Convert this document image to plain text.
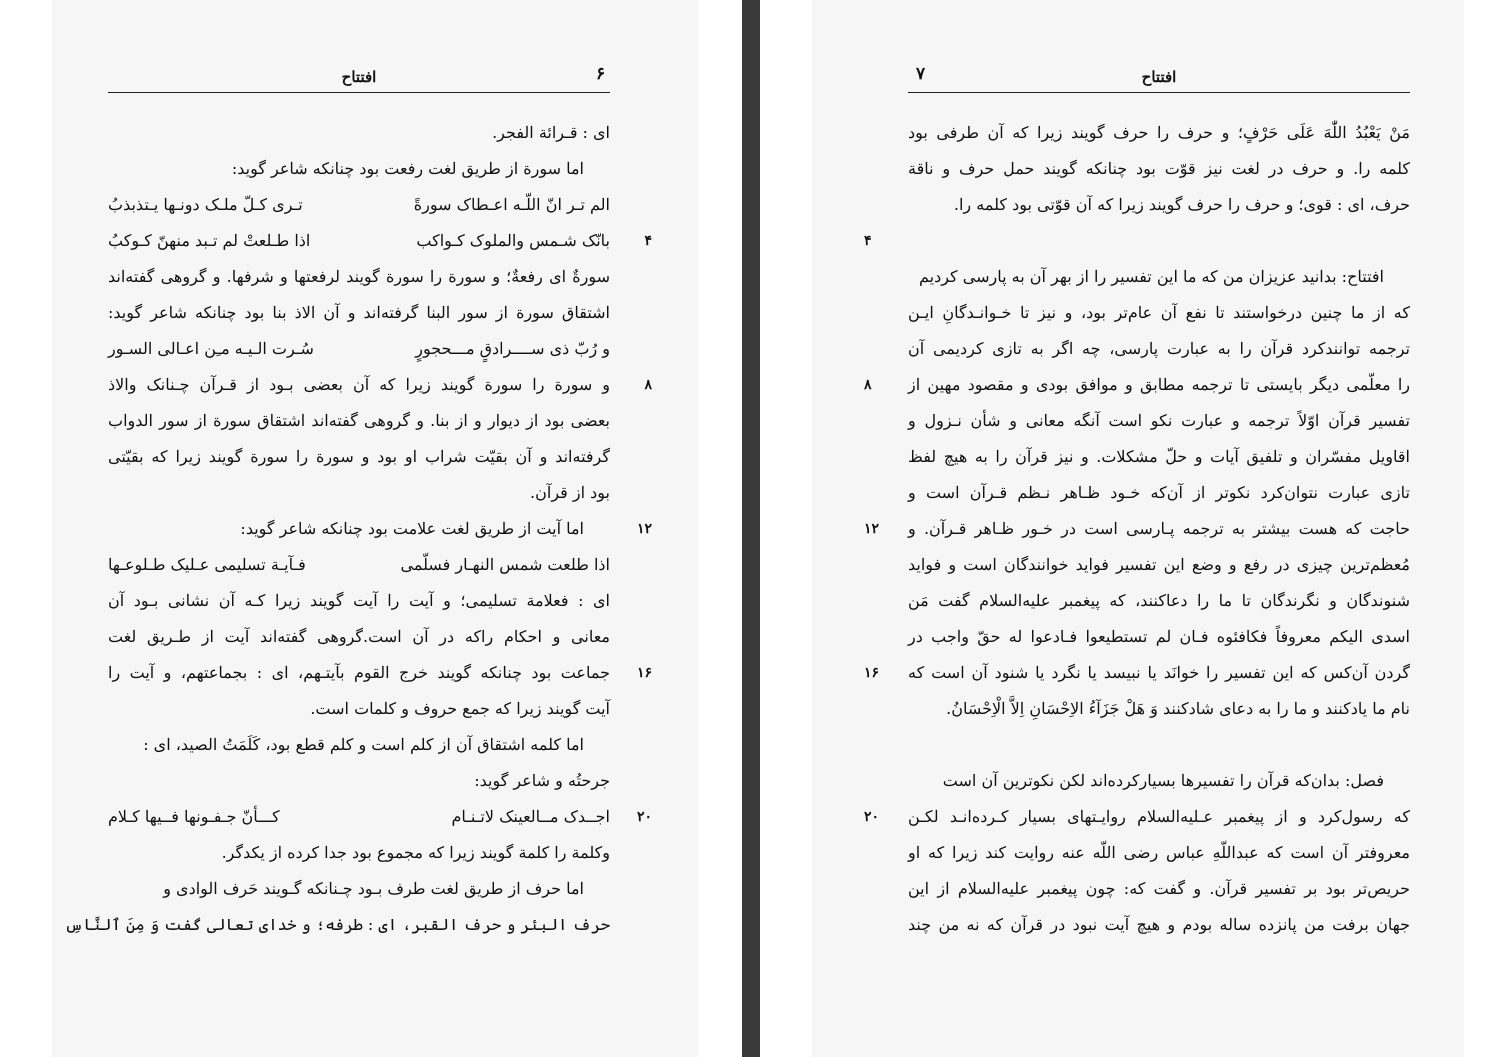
افتتاح	۶
ای : قـرائة الفجر.
اما سورة از طریق لغت رفعت بود چنانکه شاعر گوید:
الم تـر انّ اللّـه اعـطاک سورةً
تـری کـلّ ملـک دونـها یـتذبذبُ
بانّک شـمس والملوک کـواکب
اذا طـلعتْ لم تـبد منهنّ کـوکبُ	۴
سورةٌ ای رفعةٌ؛ و سورة را سورة گویند لرفعتها و شرفها. و گروهی گفته‌اند
اشتقاق سورة از سور البنا گرفته‌اند و آن الاذ بنا بود چنانکه شاعر گوید:
و رُبّ ذی ســــرادقٍ مـــحجورٍ
سُـرت الـیـه مـِن اعـالی السـور
و سورة را سورة گویند زیرا که آن بعضی بـود از قـرآن چـنانک والاذ ۸
بعضی بود از دیوار و از بنا. و گروهی گفته‌اند اشتقاق سورة از سور الدواب
گرفته‌اند و آن بقیّت شراب او بود و سورة را سورة گویند زیرا که بقیّتی
بود از قرآن.
اما آیت از طریق لغت علامت بود چنانکه شاعر گوید:	۱۲
اذا طلعت شمس النهـار فسلّمی
فـآیـة تسلیمی عـلیک طـلوعـها
ای : فعلامة تسلیمی؛ و آیت را آیت گویند زیرا کـه آن نشانی بـود آن
معانی و احکام راکه در آن است.گروهی گفته‌اند آیت از طـریق لغت
جماعت بود چنانکه گویند خرج القوم بآیتـهم، ای : بجماعتهم، و آیت را ۱۶
آیت گویند زیرا که جمع حروف و کلمات است.
اما کلمه اشتقاق آن از کلم است و کلم قطع بود، کَلَمَتُ الصید، ای :
جرحتُه و شاعر گوید:
اجــدک مــالعینک لاتـنـام
کـــأنّ جـفـونها فــیها کـلام	۲۰
وکلمة را کلمة گویند زیرا که مجموع بود جدا کرده از یکدگر.
اما حرف از طریق لغت طرف بـود چـنانکه گـویند حَرف الوادی و
حرف البئر و حرف القبر، ای : طرفه؛ و خدای تعالی گفت وَ مِنَ ٱلنَّاسِ
افتتاح
۷
مَنْ یَعْبُدُ اللّٰهَ عَلَی حَرْفٍ؛ و حرف را حرف گویند زیرا که آن طرفی بود
کلمه را. و حرف در لغت نیز قوّت بود چنانکه گویند حمل حرف و ناقة
حرف، ای : قوی؛ و حرف را حرف گویند زیرا که آن قوّتی بود کلمه را.
۴
افتتاح: بدانید عزیزان من که ما این تفسیر را از بهر آن به پارسی کردیم
که از ما چنین درخواستند تا نفع آن عام‌تر بود، و نیز تا خـوانـدگانِ ایـن
ترجمه توانندکرد قرآن را به عبارت پارسی، چه اگر به تازی کردیمی آن
را معلّمی دیگر بایستی تا ترجمه مطابق و موافق بودی و مقصود مهین از
۸
تفسیر قرآن اوّلاً ترجمه و عبارت نکو است آنگه معانی و شأن نـزول و
اقاویل مفسّران و تلفیق آیات و حلّ مشکلات. و نیز قرآن را به هیچ لفظ
تازی عبارت نتوان‌کرد نکوتر از آن‌که خـود ظـاهر نـظم قـرآن است و
حاجت که هست بیشتر به ترجمه پـارسی است در خـور ظـاهر قـرآن. و
۱۲
مُعظم‌ترین چیزی در رفع و وضع این تفسیر فواید خوانندگان است و فواید
شنوندگان و نگرندگان تا ما را دعا‌کنند، که پیغمبر علیه‌السلام گفت مَن
اسدی الیکم معروفاً فکافئوه فـان لم تستطیعوا فـادعوا له حقّ واجب در
گردن آن‌کس که این تفسیر را خوانَد یا نبیسد یا نگرد یا شنود آن است که
۱۶
نام ما یادکنند و ما را به دعای شادکنند وَ هَلْ جَزَآءُ الاِحْسَانِ اِلاَّ الْاِحْسَانُ.
فصل: بدان‌که قرآن را تفسیرها بسیارکرده‌اند لکن نکوترین آن است
که رسول‌کرد و از پیغمبر عـلیه‌السلام روایـتهای بسیار کـرده‌انـد لکـن
۲۰
معروفتر آن است که عبداللّهِ عباس رضی اللّه عنه روایت کند زیرا که او
حریص‌تر بود بر تفسیر قرآن. و گفت که: چون پیغمبر علیه‌السلام از این
جهان برفت من پانزده ساله بودم و هیچ آیت نبود در قرآن که نه من چند
